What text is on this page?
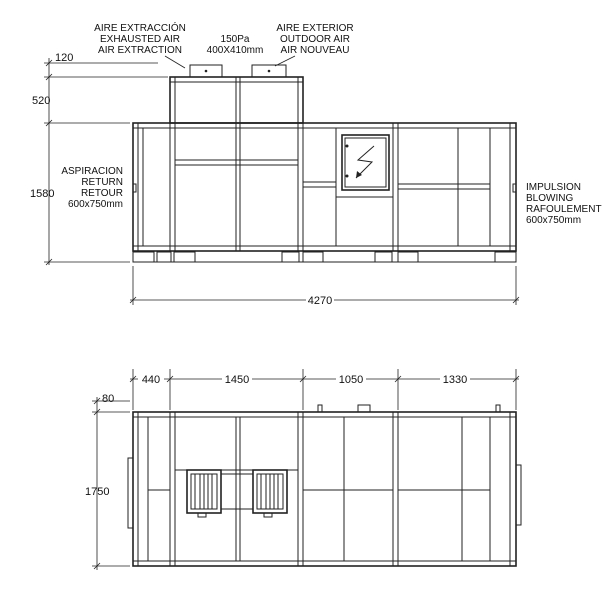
AIRE EXTRACCIÓN
EXHAUSTED AIR
AIR EXTRACTION
150Pa
400X410mm
AIRE EXTERIOR
OUTDOOR AIR
AIR NOUVEAU
ASPIRACION
RETURN
RETOUR
600x750mm
IMPULSION
BLOWING
RAFOULEMENT
600x750mm
120
520
1580
4270
440	1450	1050	1330
80
1750
